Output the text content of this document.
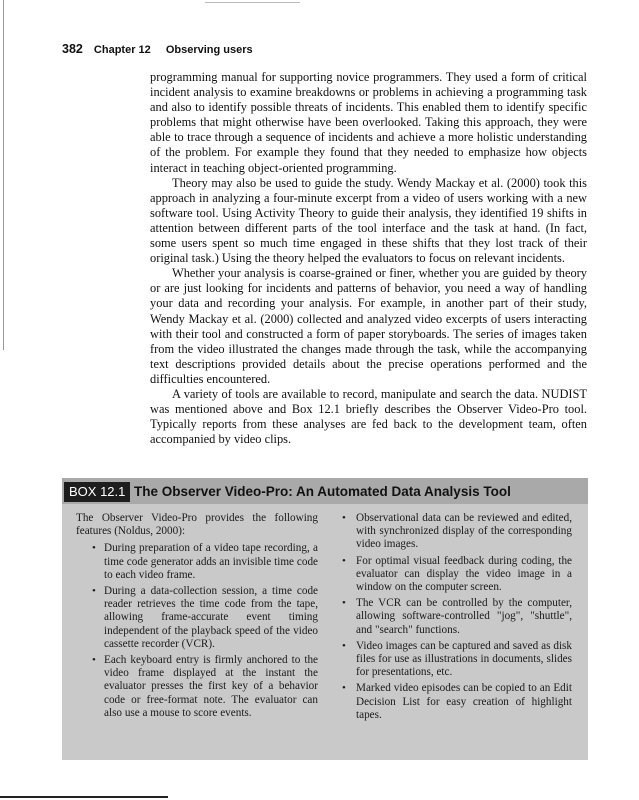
382 Chapter 12 Observing users

programming manual for supporting novice programmers. They used a form of critical incident analysis to examine breakdowns or problems in achieving a programming task and also to identify possible threats of incidents. This enabled them to identify specific problems that might otherwise have been overlooked. Taking this approach, they were able to trace through a sequence of incidents and achieve a more holistic understanding of the problem. For example they found that they needed to emphasize how objects interact in teaching object-oriented programming.

Theory may also be used to guide the study. Wendy Mackay et al. (2000) took this approach in analyzing a four-minute excerpt from a video of users working with a new software tool. Using Activity Theory to guide their analysis, they identified 19 shifts in attention between different parts of the tool interface and the task at hand. (In fact, some users spent so much time engaged in these shifts that they lost track of their original task.) Using the theory helped the evaluators to focus on relevant incidents.

Whether your analysis is coarse-grained or finer, whether you are guided by theory or are just looking for incidents and patterns of behavior, you need a way of handling your data and recording your analysis. For example, in another part of their study, Wendy Mackay et al. (2000) collected and analyzed video excerpts of users interacting with their tool and constructed a form of paper storyboards. The series of images taken from the video illustrated the changes made through the task, while the accompanying text descriptions provided details about the precise operations performed and the difficulties encountered.

A variety of tools are available to record, manipulate and search the data. NUDIST was mentioned above and Box 12.1 briefly describes the Observer Video-Pro tool. Typically reports from these analyses are fed back to the development team, often accompanied by video clips.

BOX 12.1 The Observer Video-Pro: An Automated Data Analysis Tool

The Observer Video-Pro provides the following features (Noldus, 2000):

• During preparation of a video tape recording, a time code generator adds an invisible time code to each video frame.
• During a data-collection session, a time code reader retrieves the time code from the tape, allowing frame-accurate event timing independent of the playback speed of the video cassette recorder (VCR).
• Each keyboard entry is firmly anchored to the video frame displayed at the instant the evaluator presses the first key of a behavior code or free-format note. The evaluator can also use a mouse to score events.
• Observational data can be reviewed and edited, with synchronized display of the corresponding video images.
• For optimal visual feedback during coding, the evaluator can display the video image in a window on the computer screen.
• The VCR can be controlled by the computer, allowing software-controlled "jog", "shuttle", and "search" functions.
• Video images can be captured and saved as disk files for use as illustrations in documents, slides for presentations, etc.
• Marked video episodes can be copied to an Edit Decision List for easy creation of highlight tapes.
